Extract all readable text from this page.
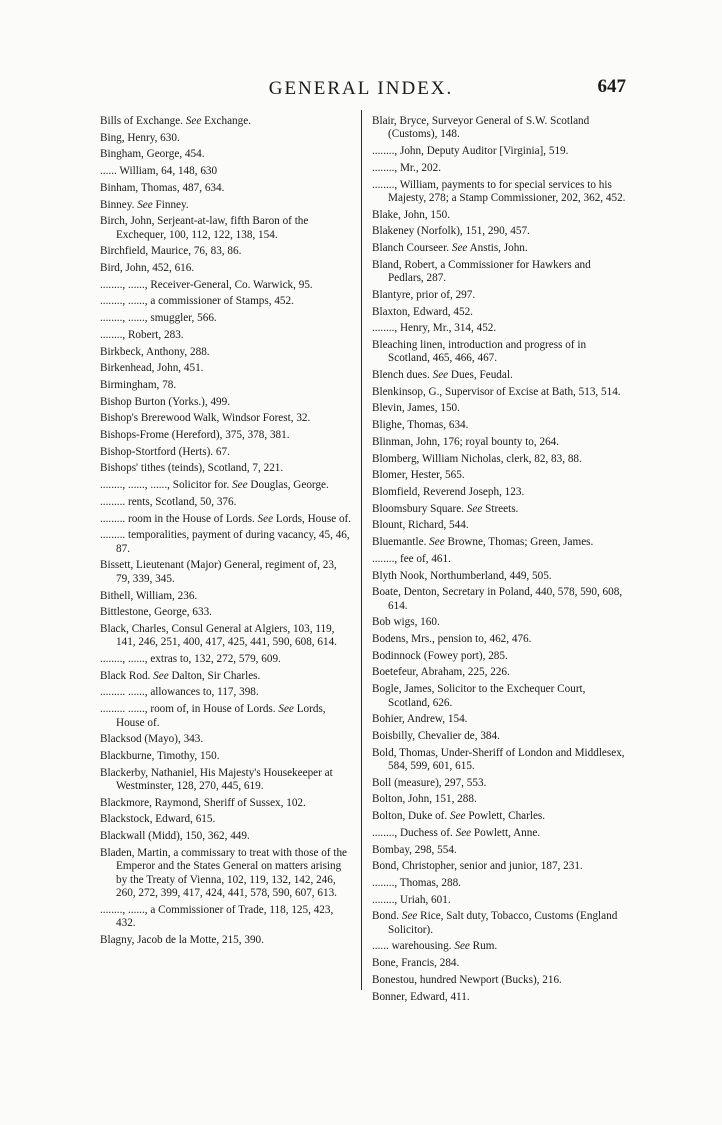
GENERAL INDEX.	647
Bills of Exchange. See Exchange.
Bing, Henry, 630.
Bingham, George, 454.
...... William, 64, 148, 630
Binham, Thomas, 487, 634.
Binney. See Finney.
Birch, John, Serjeant-at-law, fifth Baron of the Exchequer, 100, 112, 122, 138, 154.
Birchfield, Maurice, 76, 83, 86.
Bird, John, 452, 616.
........, ......, Receiver-General, Co. Warwick, 95.
........, ......, a commissioner of Stamps, 452.
........, ......, smuggler, 566.
........, Robert, 283.
Birkbeck, Anthony, 288.
Birkenhead, John, 451.
Birmingham, 78.
Bishop Burton (Yorks.), 499.
Bishop's Brerewood Walk, Windsor Forest, 32.
Bishops-Frome (Hereford), 375, 378, 381.
Bishop-Stortford (Herts). 67.
Bishops' tithes (teinds), Scotland, 7, 221.
........, ......, ......, Solicitor for. See Douglas, George.
......... rents, Scotland, 50, 376.
......... room in the House of Lords. See Lords, House of.
......... temporalities, payment of during vacancy, 45, 46, 87.
Bissett, Lieutenant (Major) General, regiment of, 23, 79, 339, 345.
Bithell, William, 236.
Bittlestone, George, 633.
Black, Charles, Consul General at Algiers, 103, 119, 141, 246, 251, 400, 417, 425, 441, 590, 608, 614.
........, ......, extras to, 132, 272, 579, 609.
Black Rod. See Dalton, Sir Charles.
......... ......, allowances to, 117, 398.
......... ......, room of, in House of Lords. See Lords, House of.
Blacksod (Mayo), 343.
Blackburne, Timothy, 150.
Blackerby, Nathaniel, His Majesty's Housekeeper at Westminster, 128, 270, 445, 619.
Blackmore, Raymond, Sheriff of Sussex, 102.
Blackstock, Edward, 615.
Blackwall (Midd), 150, 362, 449.
Bladen, Martin, a commissary to treat with those of the Emperor and the States General on matters arising by the Treaty of Vienna, 102, 119, 132, 142, 246, 260, 272, 399, 417, 424, 441, 578, 590, 607, 613.
........, ......, a Commissioner of Trade, 118, 125, 423, 432.
Blagny, Jacob de la Motte, 215, 390.
Blair, Bryce, Surveyor General of S.W. Scotland (Customs), 148.
........, John, Deputy Auditor [Virginia], 519.
........, Mr., 202.
........, William, payments to for special services to his Majesty, 278; a Stamp Commissioner, 202, 362, 452.
Blake, John, 150.
Blakeney (Norfolk), 151, 290, 457.
Blanch Courseer. See Anstis, John.
Bland, Robert, a Commissioner for Hawkers and Pedlars, 287.
Blantyre, prior of, 297.
Blaxton, Edward, 452.
........, Henry, Mr., 314, 452.
Bleaching linen, introduction and progress of in Scotland, 465, 466, 467.
Blench dues. See Dues, Feudal.
Blenkinsop, G., Supervisor of Excise at Bath, 513, 514.
Blevin, James, 150.
Blighe, Thomas, 634.
Blinman, John, 176; royal bounty to, 264.
Blomberg, William Nicholas, clerk, 82, 83, 88.
Blomer, Hester, 565.
Blomfield, Reverend Joseph, 123.
Bloomsbury Square. See Streets.
Blount, Richard, 544.
Bluemantle. See Browne, Thomas; Green, James.
........, fee of, 461.
Blyth Nook, Northumberland, 449, 505.
Boate, Denton, Secretary in Poland, 440, 578, 590, 608, 614.
Bob wigs, 160.
Bodens, Mrs., pension to, 462, 476.
Bodinnock (Fowey port), 285.
Boetefeur, Abraham, 225, 226.
Bogle, James, Solicitor to the Exchequer Court, Scotland, 626.
Bohier, Andrew, 154.
Boisbilly, Chevalier de, 384.
Bold, Thomas, Under-Sheriff of London and Middlesex, 584, 599, 601, 615.
Boll (measure), 297, 553.
Bolton, John, 151, 288.
Bolton, Duke of. See Powlett, Charles.
........, Duchess of. See Powlett, Anne.
Bombay, 298, 554.
Bond, Christopher, senior and junior, 187, 231.
........, Thomas, 288.
........, Uriah, 601.
Bond. See Rice, Salt duty, Tobacco, Customs (England Solicitor).
...... warehousing. See Rum.
Bone, Francis, 284.
Bonestou, hundred Newport (Bucks), 216.
Bonner, Edward, 411.
